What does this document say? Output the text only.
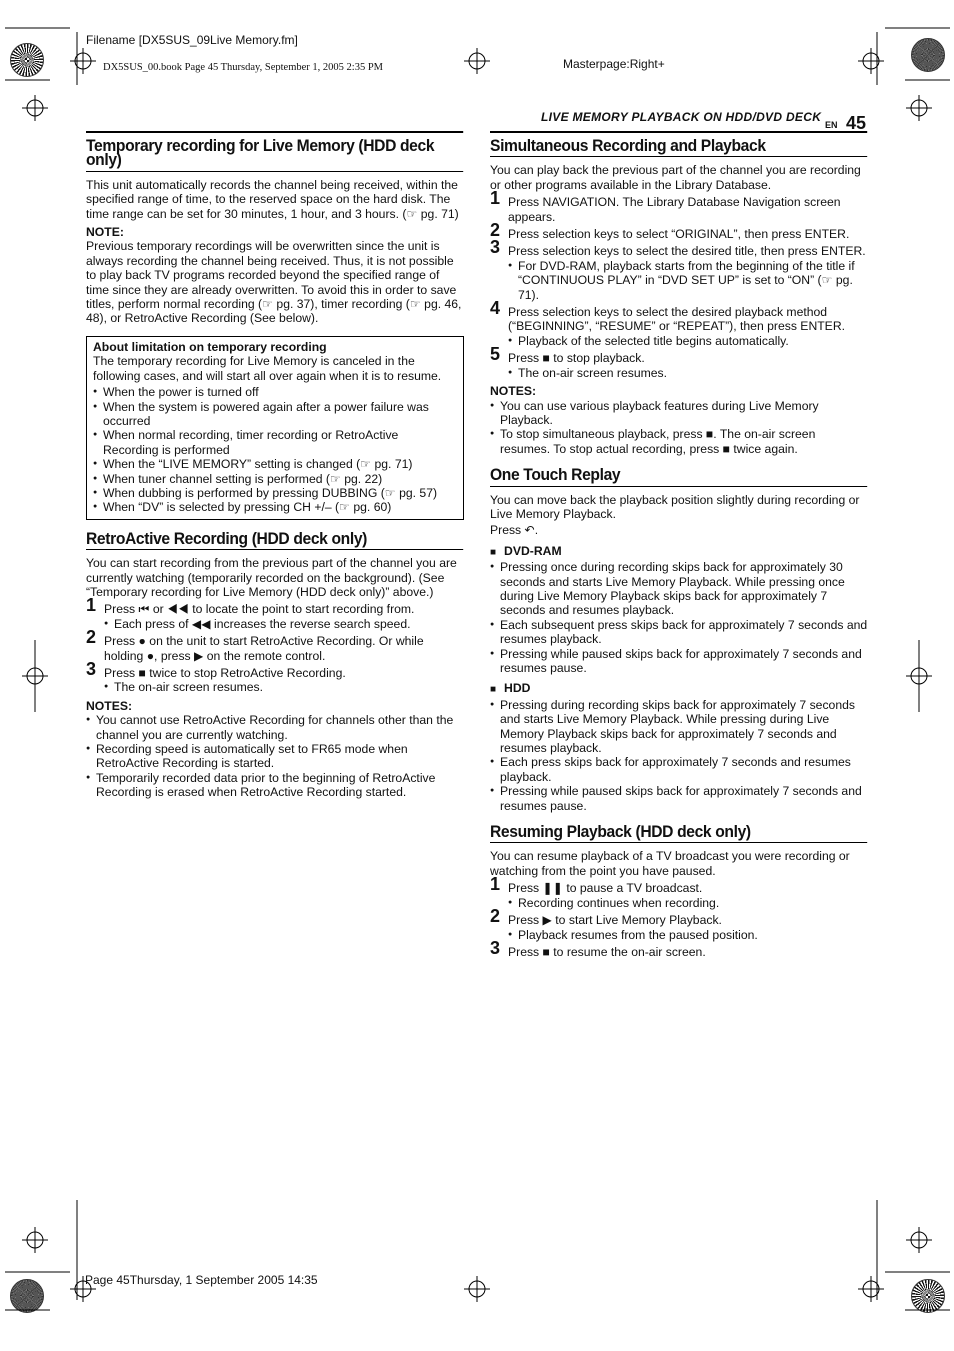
Filename [DX5SUS_09Live Memory.fm]
DX5SUS_00.book Page 45 Thursday, September 1, 2005 2:35 PM	Masterpage:Right+
Page 45Thursday, 1 September 2005 14:35
LIVE MEMORY PLAYBACK ON HDD/DVD DECK
EN 45
Temporary recording for Live Memory (HDD deck only)

This unit automatically records the channel being received, within the specified range of time, to the reserved space on the hard disk. The time range can be set for 30 minutes, 1 hour, and 3 hours. (☞ pg. 71)

NOTE:

Previous temporary recordings will be overwritten since the unit is always recording the channel being received. Thus, it is not possible to play back TV programs recorded beyond the specified range of time since they are already overwritten. To avoid this in order to save titles, perform normal recording (☞ pg. 37), timer recording (☞ pg. 46, 48), or RetroActive Recording (See below).

About limitation on temporary recording

The temporary recording for Live Memory is canceled in the following cases, and will start all over again when it is to resume.

● When the power is turned off
● When the system is powered again after a power failure was occurred
● When normal recording, timer recording or RetroActive Recording is performed
● When the “LIVE MEMORY” setting is changed (☞ pg. 71)
● When tuner channel setting is performed (☞ pg. 22)
● When dubbing is performed by pressing DUBBING (☞ pg. 57)
● When “DV” is selected by pressing CH +/– (☞ pg. 60)
RetroActive Recording (HDD deck only)

You can start recording from the previous part of the channel you are currently watching (temporarily recorded on the background). (See “Temporary recording for Live Memory (HDD deck only)” above.)

1 Press ⏮ or ◀◀ to locate the point to start recording from.
● Each press of ◀◀ increases the reverse search speed.
2 Press ● on the unit to start RetroActive Recording. Or while holding ●, press ▶ on the remote control.
3 Press ■ twice to stop RetroActive Recording.
● The on-air screen resumes.
NOTES:
● You cannot use RetroActive Recording for channels other than the channel you are currently watching.
● Recording speed is automatically set to FR65 mode when RetroActive Recording is started.
● Temporarily recorded data prior to the beginning of RetroActive Recording is erased when RetroActive Recording started.
Simultaneous Recording and Playback

You can play back the previous part of the channel you are recording or other programs available in the Library Database.

1 Press NAVIGATION. The Library Database Navigation screen appears.
2 Press selection keys to select “ORIGINAL”, then press ENTER.
3 Press selection keys to select the desired title, then press ENTER.
● For DVD-RAM, playback starts from the beginning of the title if “CONTINUOUS PLAY” in “DVD SET UP” is set to “ON” (☞ pg. 71).
4 Press selection keys to select the desired playback method (“BEGINNING”, “RESUME” or “REPEAT”), then press ENTER.
● Playback of the selected title begins automatically.
5 Press ■ to stop playback.
● The on-air screen resumes.
NOTES:
● You can use various playback features during Live Memory Playback.
● To stop simultaneous playback, press ■. The on-air screen resumes. To stop actual recording, press ■ twice again.
One Touch Replay

You can move back the playback position slightly during recording or Live Memory Playback.

Press ↶.

■ DVD-RAM
● Pressing once during recording skips back for approximately 30 seconds and starts Live Memory Playback. While pressing once during Live Memory Playback skips back for approximately 7 seconds and resumes playback.
● Each subsequent press skips back for approximately 7 seconds and resumes playback.
● Pressing while paused skips back for approximately 7 seconds and resumes pause.
■ HDD
● Pressing during recording skips back for approximately 7 seconds and starts Live Memory Playback. While pressing during Live Memory Playback skips back for approximately 7 seconds and resumes playback.
● Each press skips back for approximately 7 seconds and resumes playback.
● Pressing while paused skips back for approximately 7 seconds and resumes pause.
Resuming Playback (HDD deck only)

You can resume playback of a TV broadcast you were recording or watching from the point you have paused.

1 Press ❚❚ to pause a TV broadcast.
● Recording continues when recording.
2 Press ▶ to start Live Memory Playback.
● Playback resumes from the paused position.
3 Press ■ to resume the on-air screen.
